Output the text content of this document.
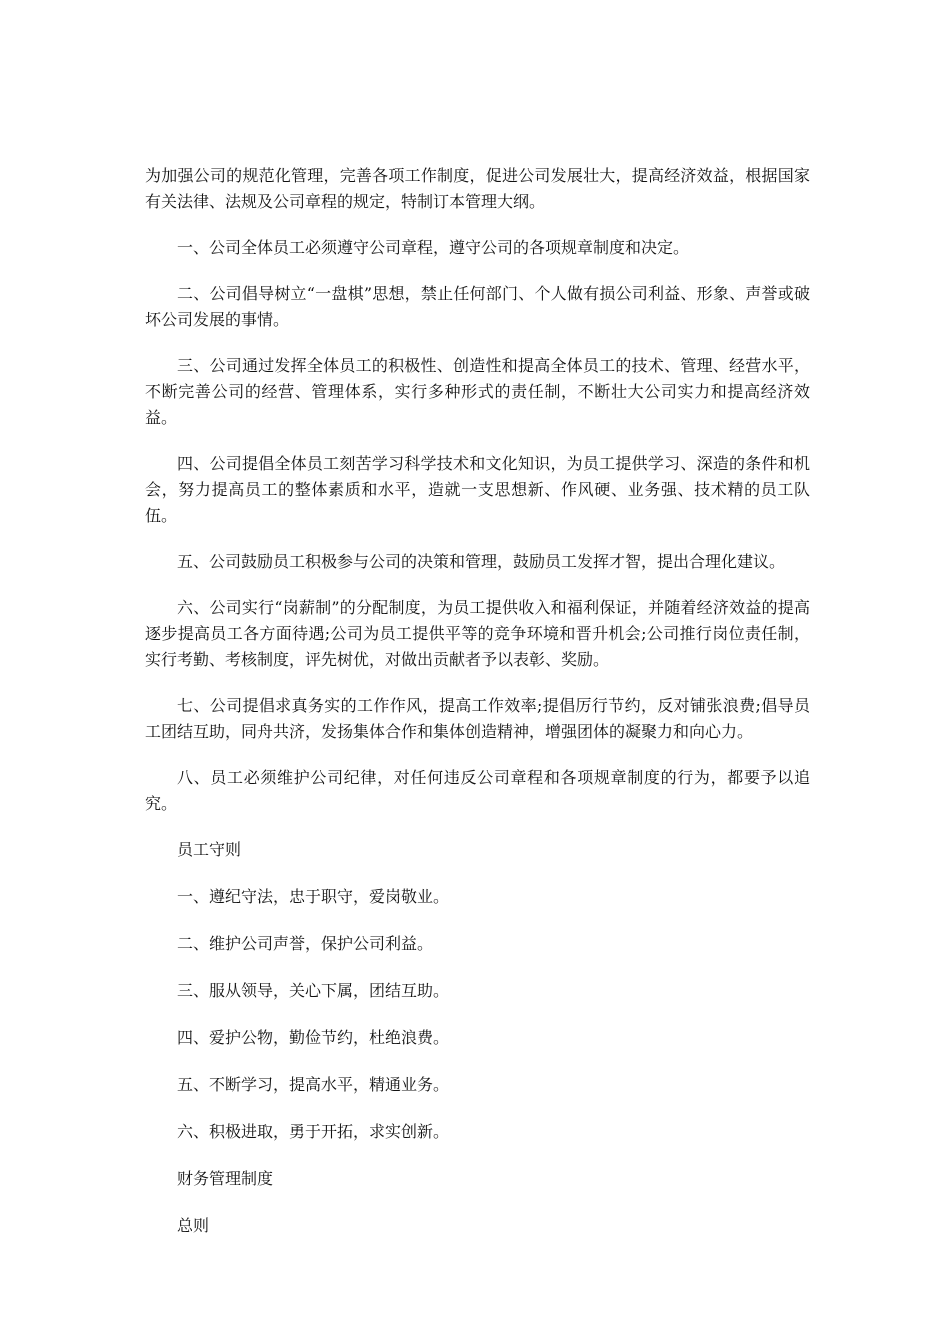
为加强公司的规范化管理，完善各项工作制度，促进公司发展壮大，提高经济效益，根据国家有关法律、法规及公司章程的规定，特制订本管理大纲。

一、公司全体员工必须遵守公司章程，遵守公司的各项规章制度和决定。

二、公司倡导树立“一盘棋”思想，禁止任何部门、个人做有损公司利益、形象、声誉或破坏公司发展的事情。

三、公司通过发挥全体员工的积极性、创造性和提高全体员工的技术、管理、经营水平，不断完善公司的经营、管理体系，实行多种形式的责任制，不断壮大公司实力和提高经济效益。

四、公司提倡全体员工刻苦学习科学技术和文化知识，为员工提供学习、深造的条件和机会，努力提高员工的整体素质和水平，造就一支思想新、作风硬、业务强、技术精的员工队伍。

五、公司鼓励员工积极参与公司的决策和管理，鼓励员工发挥才智，提出合理化建议。

六、公司实行“岗薪制”的分配制度，为员工提供收入和福利保证，并随着经济效益的提高逐步提高员工各方面待遇;公司为员工提供平等的竞争环境和晋升机会;公司推行岗位责任制，实行考勤、考核制度，评先树优，对做出贡献者予以表彰、奖励。

七、公司提倡求真务实的工作作风，提高工作效率;提倡厉行节约，反对铺张浪费;倡导员工团结互助，同舟共济，发扬集体合作和集体创造精神，增强团体的凝聚力和向心力。

八、员工必须维护公司纪律，对任何违反公司章程和各项规章制度的行为，都要予以追究。

员工守则

一、遵纪守法，忠于职守，爱岗敬业。

二、维护公司声誉，保护公司利益。

三、服从领导，关心下属，团结互助。

四、爱护公物，勤俭节约，杜绝浪费。

五、不断学习，提高水平，精通业务。

六、积极进取，勇于开拓，求实创新。

财务管理制度

总则
